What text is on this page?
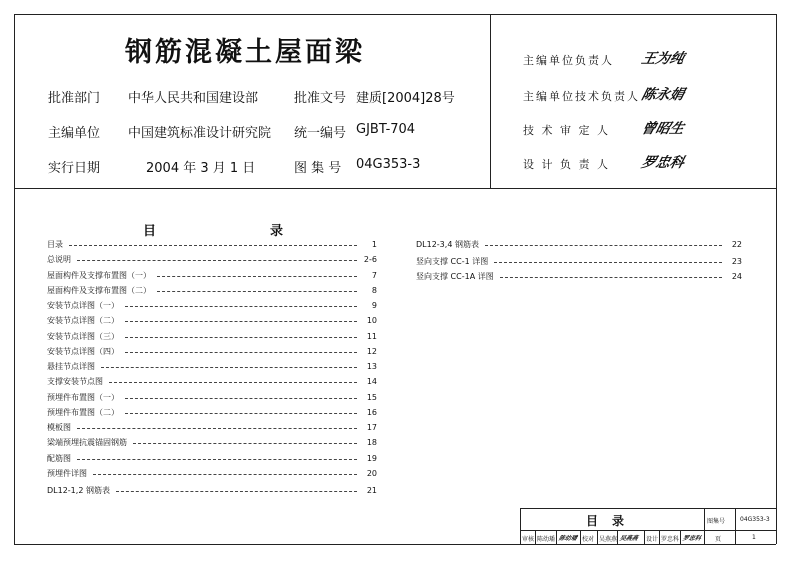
钢筋混凝土屋面梁
批准部门 中华人民共和国建设部	批准文号 建质[2004]28号
主编单位 中国建筑标准设计研究院 统一编号 GJBT-704
实行日期	2004 年 3 月 1 日	图 集 号 04G353-3
主编单位负责人 王为纯
主编单位技术负责人 陈永娟
技 术 审 定 人 曾昭生
设 计 负 责 人 罗忠科
目	录
目录	1
总说明	2-6
屋面构件及支撑布置图（一）	7
屋面构件及支撑布置图（二）	8
安装节点详图（一）	9
安装节点详图（二）	10
安装节点详图（三）	11
安装节点详图（四）	12
悬挂节点详图	13
支撑安装节点图	14
预埋件布置图（一）	15
预埋件布置图（二）	16
模板图	17
梁端预埋抗震锚固钢筋	18
配筋图	19
预埋件详图	20
DL12-1,2 钢筋表	21
DL12-3,4 钢筋表	22
竖向支撑 CC-1 详图	23
竖向支撑 CC-1A 详图	24
目录	图集号 04G353-3
页	1
审核 陈幼璠 陈幼璠 校对 吴燕燕 吴燕燕 设计 罗忠科 罗忠科
